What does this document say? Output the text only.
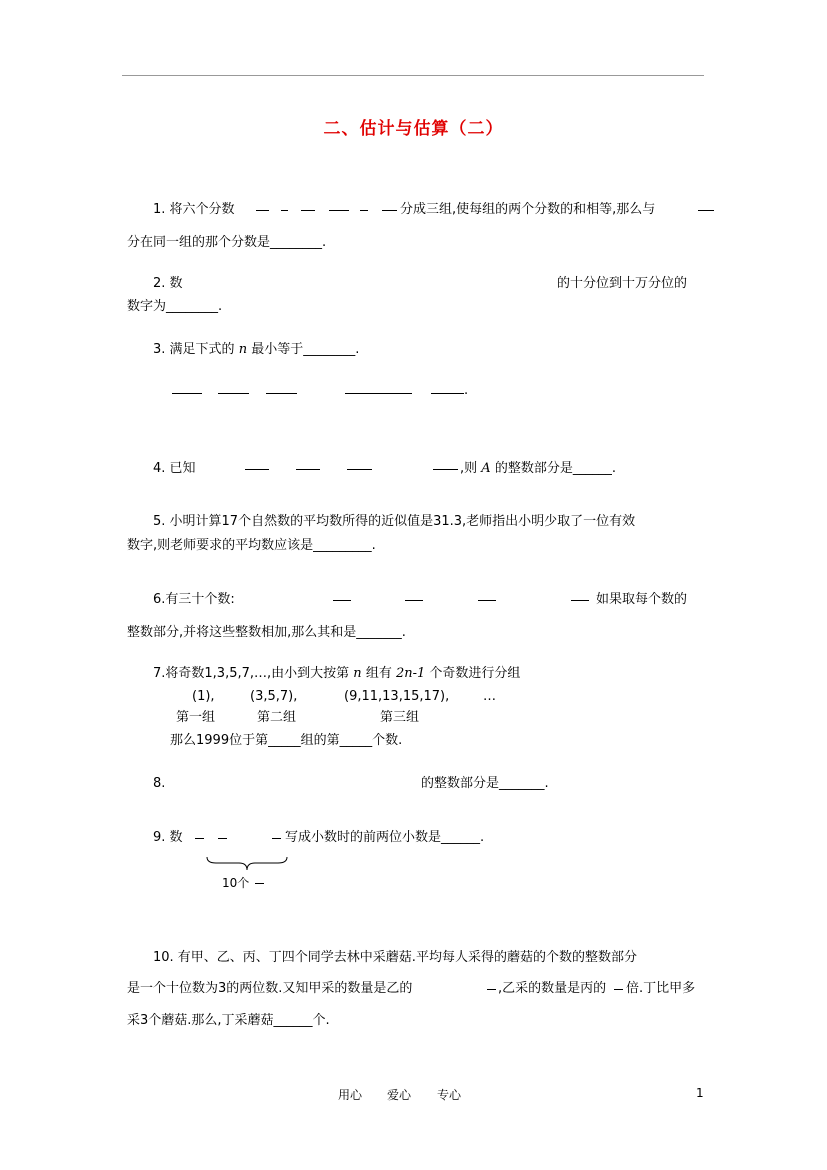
二、估计与估算（二）
1. 将六个分数	分成三组,使每组的两个分数的和相等,那么与
分在同一组的那个分数是________.
2. 数	的十分位到十万分位的
数字为________.
3. 满足下式的 n 最小等于________.
.
4. 已知	,则 A 的整数部分是______.
5. 小明计算17个自然数的平均数所得的近似值是31.3,老师指出小明少取了一位有效
数字,则老师要求的平均数应该是_________.
6.有三十个数:	如果取每个数的
整数部分,并将这些整数相加,那么其和是_______.
7.将奇数1,3,5,7,…,由小到大按第 n 组有 2n-1 个奇数进行分组
(1),	(3,5,7),	(9,11,13,15,17),	…
第一组	第二组	第三组
那么1999位于第_____组的第_____个数.
8.	的整数部分是_______.
9. 数	写成小数时的前两位小数是______.
10个
10. 有甲、乙、丙、丁四个同学去林中采蘑菇.平均每人采得的蘑菇的个数的整数部分
是一个十位数为3的两位数.又知甲采的数量是乙的	,乙采的数量是丙的 倍.丁比甲多
采3个蘑菇.那么,丁采蘑菇______个.
用心 爱心 专心	1
